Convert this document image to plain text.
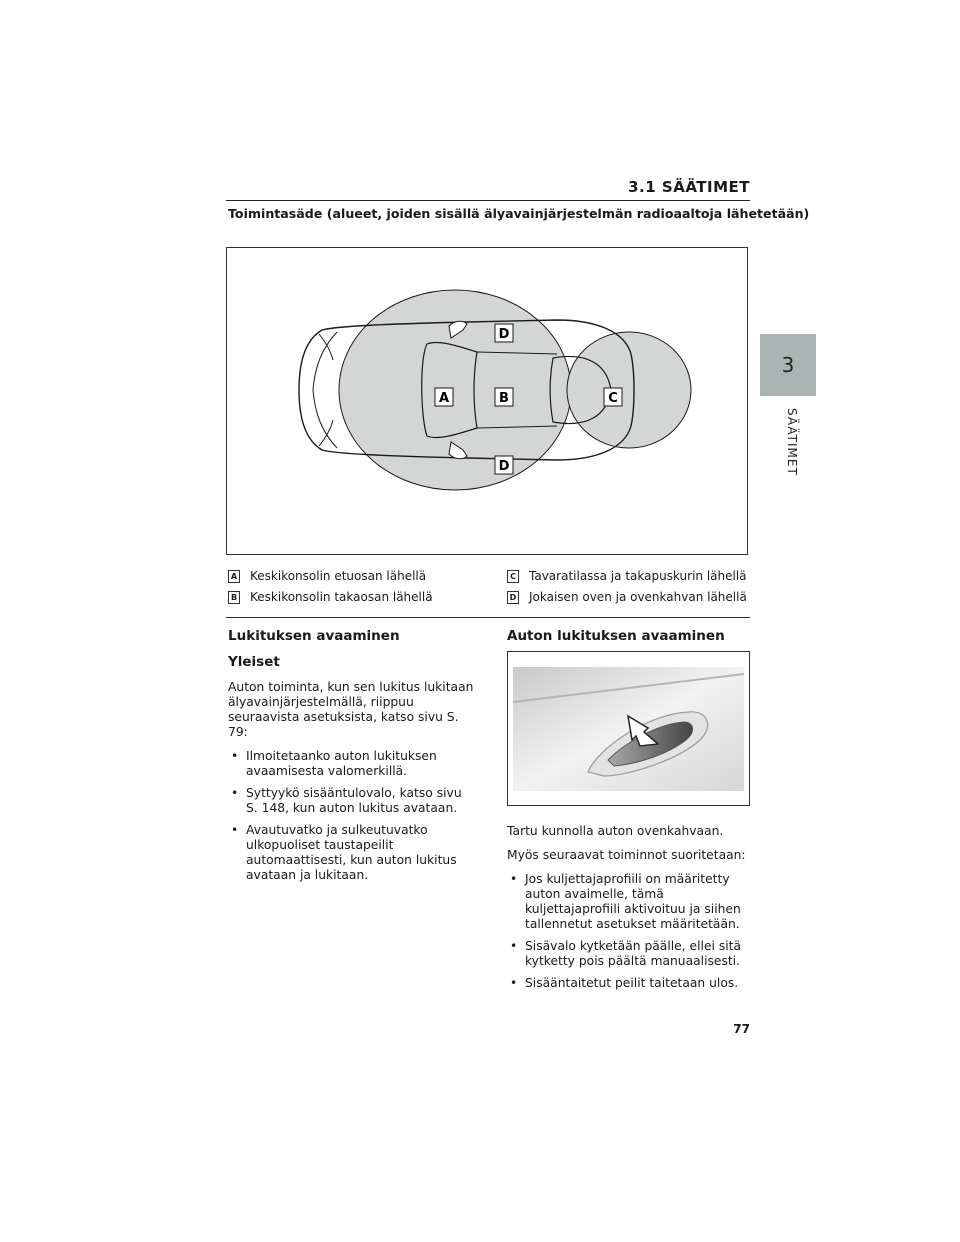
3.1 SÄÄTIMET
3
SÄÄTIMET
Toimintasäde (alueet, joiden sisällä älyavainjärjestelmän radioaaltoja lähetetään)
D
A	B	C
D
A Keskikonsolin etuosan lähellä
B Keskikonsolin takaosan lähellä
C Tavaratilassa ja takapuskurin lähellä
D Jokaisen oven ja ovenkahvan lähellä
Lukituksen avaaminen
Yleiset

Auton toiminta, kun sen lukitus lukitaan älyavainjärjestelmällä, riippuu seuraavista asetuksista, katso sivu S. 79:

• Ilmoitetaanko auton lukituksen avaamisesta valomerkillä.
• Syttyykö sisääntulovalo, katso sivu S. 148, kun auton lukitus avataan.
• Avautuvatko ja sulkeutuvatko ulkopuoliset taustapeilit automaattisesti, kun auton lukitus avataan ja lukitaan.
Auton lukituksen avaaminen

Tartu kunnolla auton ovenkahvaan.

Myös seuraavat toiminnot suoritetaan:

• Jos kuljettajaprofiili on määritetty auton avaimelle, tämä kuljettajaprofiili aktivoituu ja siihen tallennetut asetukset määritetään.
• Sisävalo kytketään päälle, ellei sitä kytketty pois päältä manuaalisesti.
• Sisääntaitetut peilit taitetaan ulos.
77
